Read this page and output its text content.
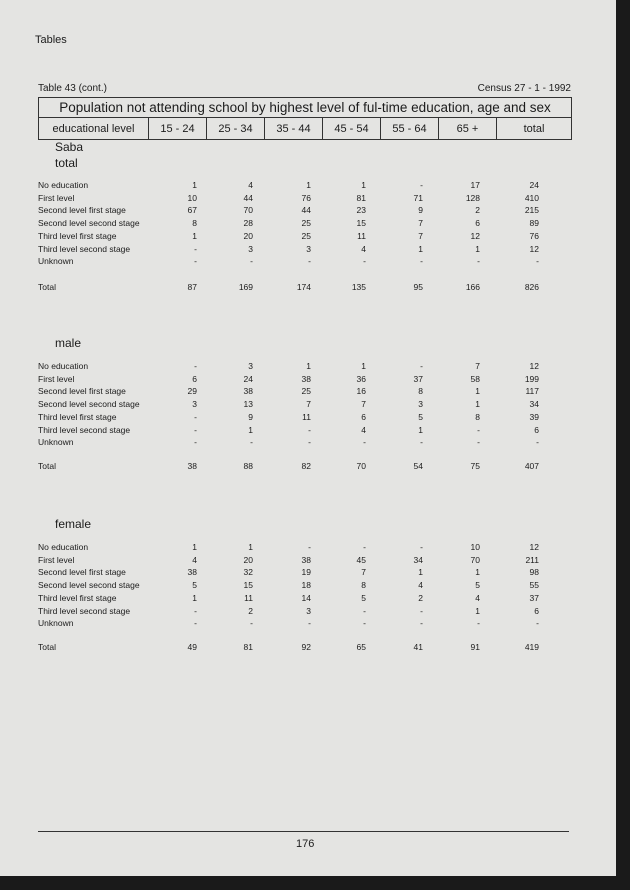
Tables
Table 43 (cont.)	Census 27 - 1 - 1992
Population not attending school by highest level of ful-time education, age and sex
educational level	15 - 24	25 - 34	35 - 44	45 - 54	55 - 64	65 +	total
Saba
total
No education	1	4	1	1	-	17	24
First level	10	44	76	81	71	128	410
Second level first stage	67	70	44	23	9	2	215
Second level second stage	8	28	25	15	7	6	89
Third level first stage	1	20	25	11	7	12	76
Third level second stage	-	3	3	4	1	1	12
Unknown	-	-	-	-	-	-	-
Total	87	169	174	135	95	166	826
male
No education	-	3	1	1	-	7	12
First level	6	24	38	36	37	58	199
Second level first stage	29	38	25	16	8	1	117
Second level second stage	3	13	7	7	3	1	34
Third level first stage	-	9	11	6	5	8	39
Third level second stage	-	1	-	4	1	-	6
Unknown	-	-	-	-	-	-	-
Total	38	88	82	70	54	75	407
female
No education	1	1	-	-	-	10	12
First level	4	20	38	45	34	70	211
Second level first stage	38	32	19	7	1	1	98
Second level second stage	5	15	18	8	4	5	55
Third level first stage	1	11	14	5	2	4	37
Third level second stage	-	2	3	-	-	1	6
Unknown	-	-	-	-	-	-	-
Total	49	81	92	65	41	91	419
176
